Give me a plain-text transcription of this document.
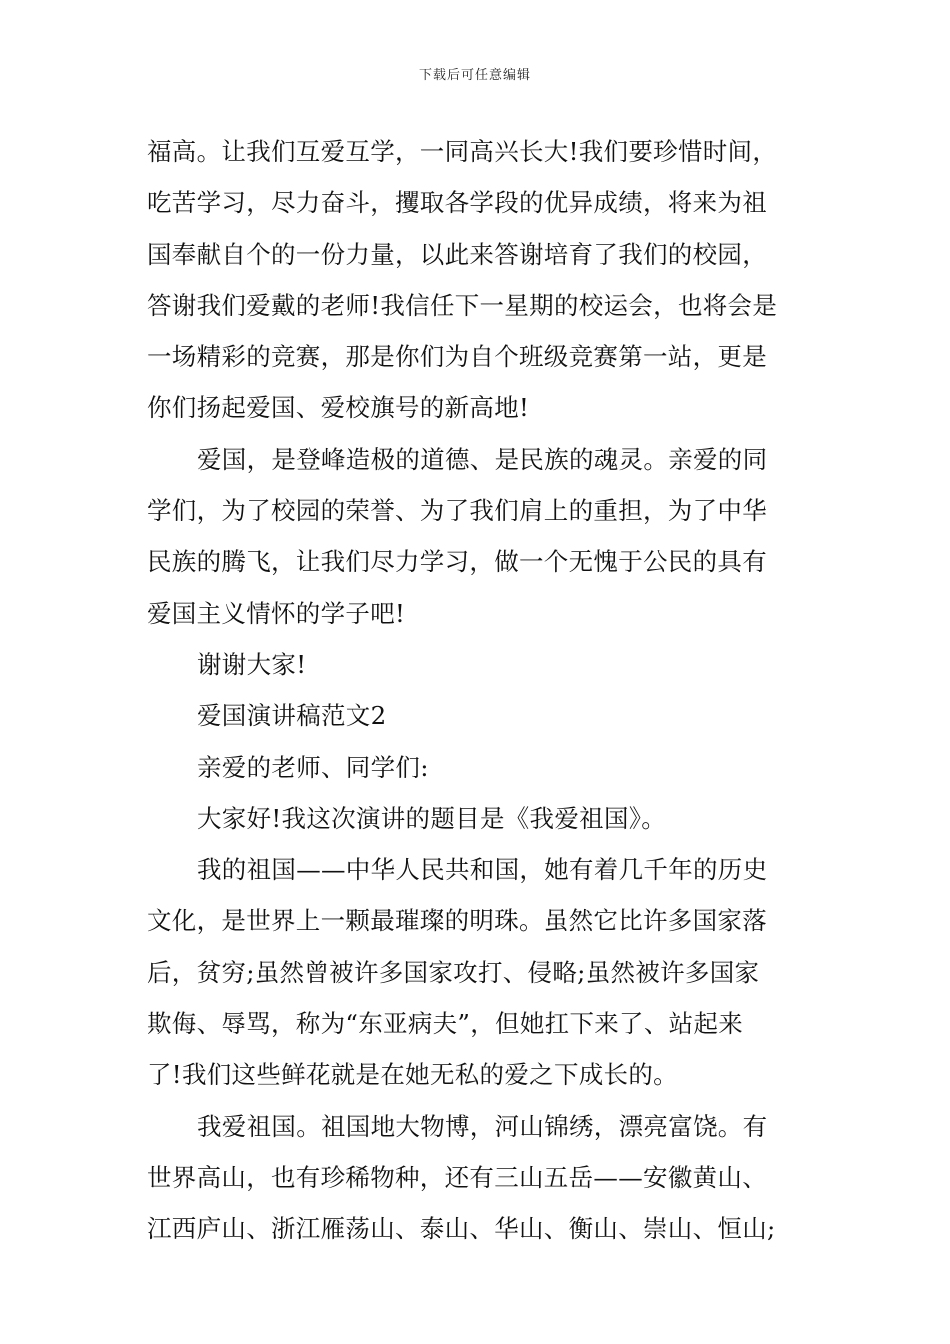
下载后可任意编辑
福高。让我们互爱互学，一同高兴长大!我们要珍惜时间，
吃苦学习，尽力奋斗，攫取各学段的优异成绩，将来为祖
国奉献自个的一份力量，以此来答谢培育了我们的校园，
答谢我们爱戴的老师!我信任下一星期的校运会，也将会是
一场精彩的竞赛，那是你们为自个班级竞赛第一站，更是
你们扬起爱国、爱校旗号的新高地!
爱国，是登峰造极的道德、是民族的魂灵。亲爱的同
学们，为了校园的荣誉、为了我们肩上的重担，为了中华
民族的腾飞，让我们尽力学习，做一个无愧于公民的具有
爱国主义情怀的学子吧!
谢谢大家!
爱国演讲稿范文2
亲爱的老师、同学们:
大家好!我这次演讲的题目是《我爱祖国》。
我的祖国——中华人民共和国，她有着几千年的历史
文化，是世界上一颗最璀璨的明珠。虽然它比许多国家落
后，贫穷;虽然曾被许多国家攻打、侵略;虽然被许多国家
欺侮、辱骂，称为“东亚病夫”，但她扛下来了、站起来
了!我们这些鲜花就是在她无私的爱之下成长的。
我爱祖国。祖国地大物博，河山锦绣，漂亮富饶。有
世界高山，也有珍稀物种，还有三山五岳——安徽黄山、
江西庐山、浙江雁荡山、泰山、华山、衡山、崇山、恒山;
